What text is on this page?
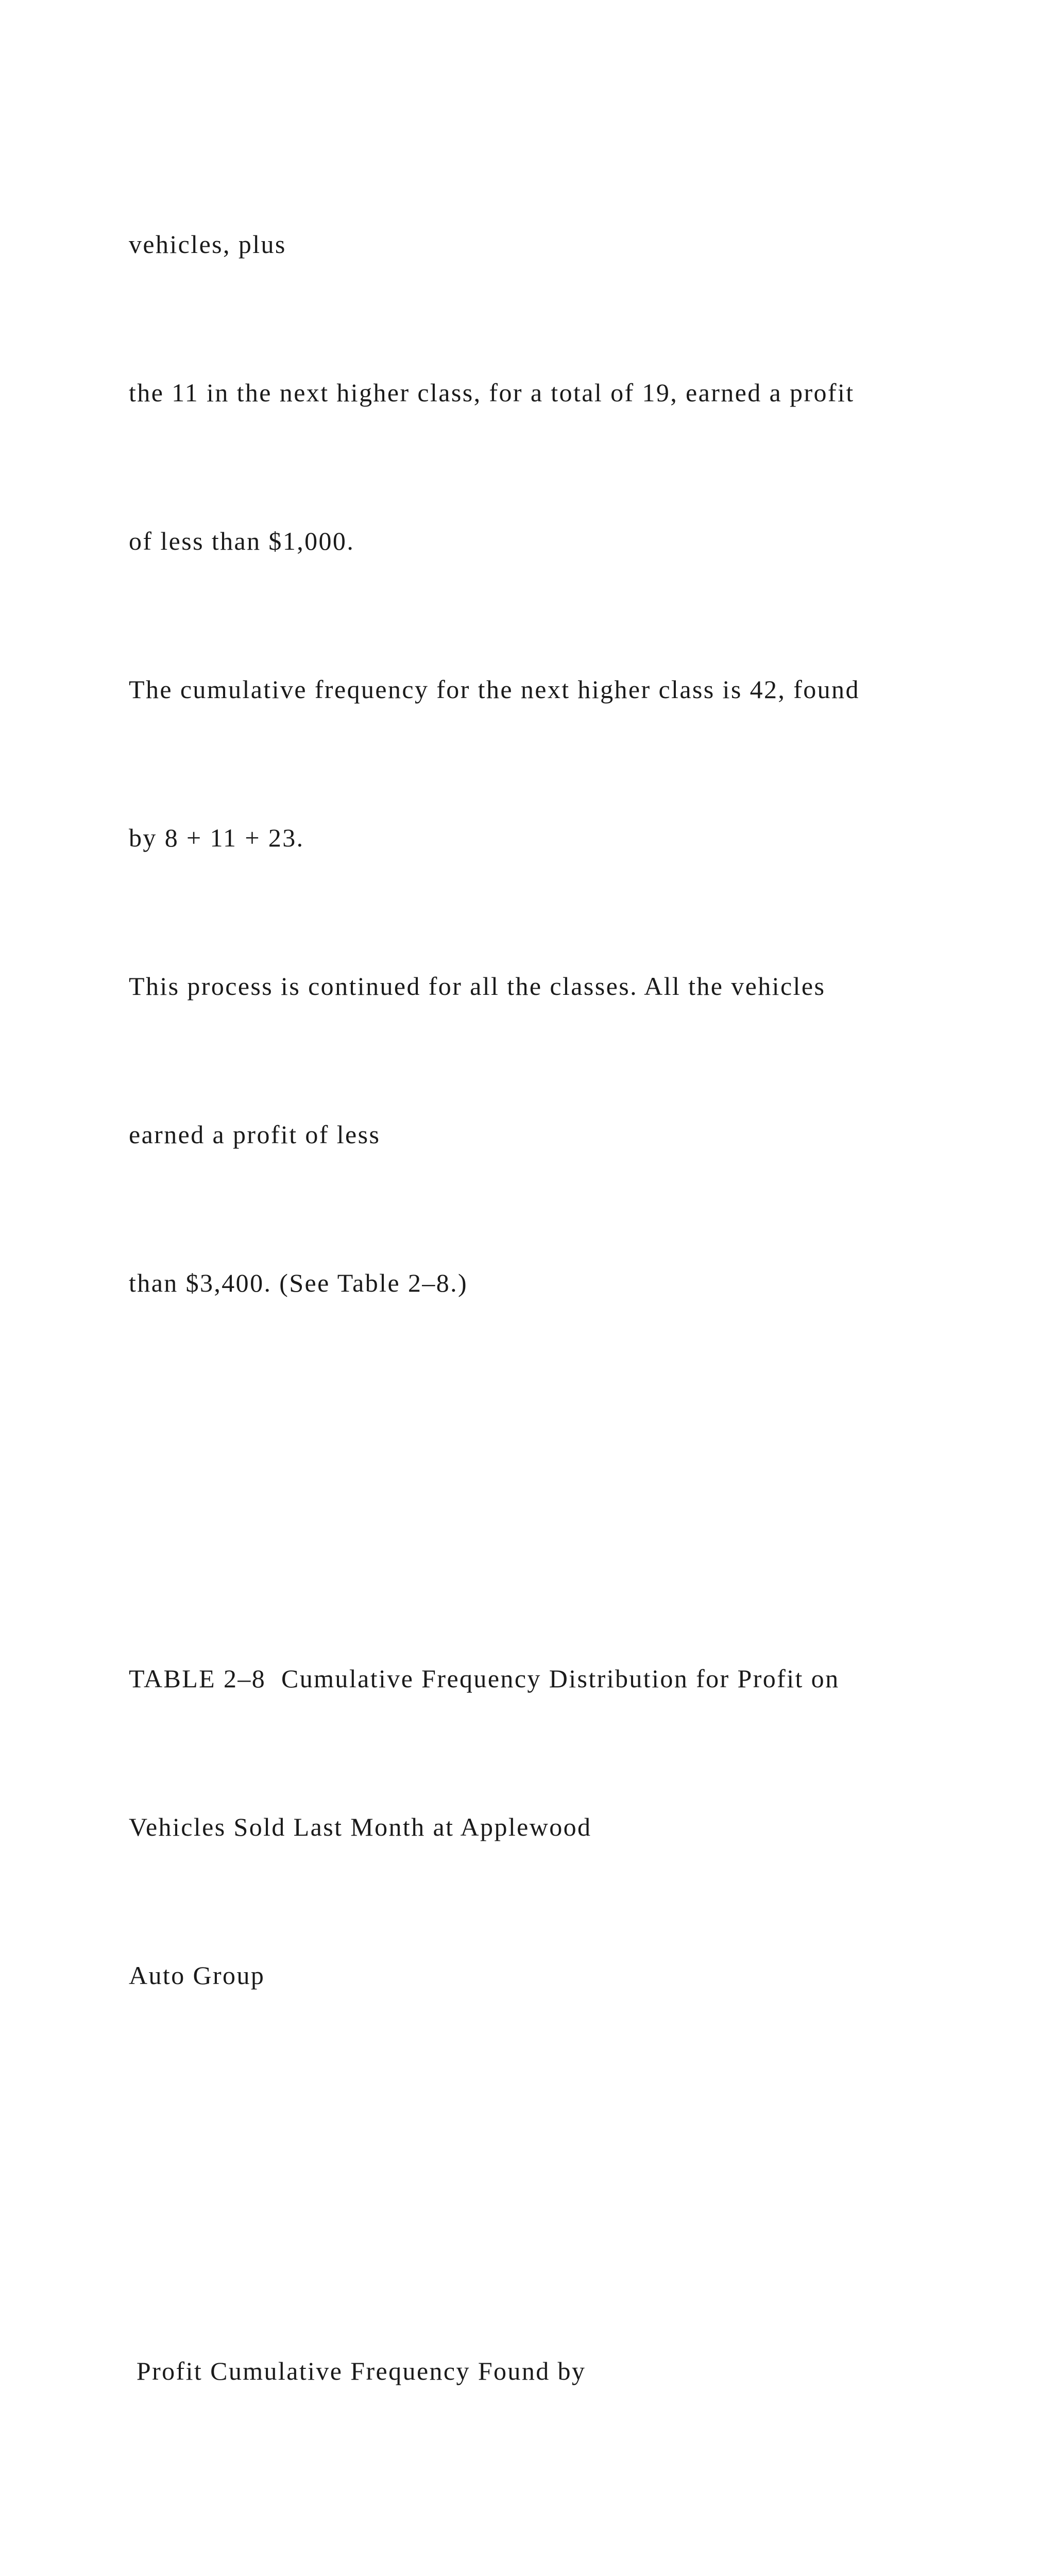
vehicles, plus

the 11 in the next higher class, for a total of 19, earned a profit

of less than $1,000.

The cumulative frequency for the next higher class is 42, found

by 8 + 11 + 23.

This process is continued for all the classes. All the vehicles

earned a profit of less

than $3,400. (See Table 2–8.)

TABLE 2–8  Cumulative Frequency Distribution for Profit on

Vehicles Sold Last Month at Applewood

Auto Group

Profit Cumulative Frequency Found by
